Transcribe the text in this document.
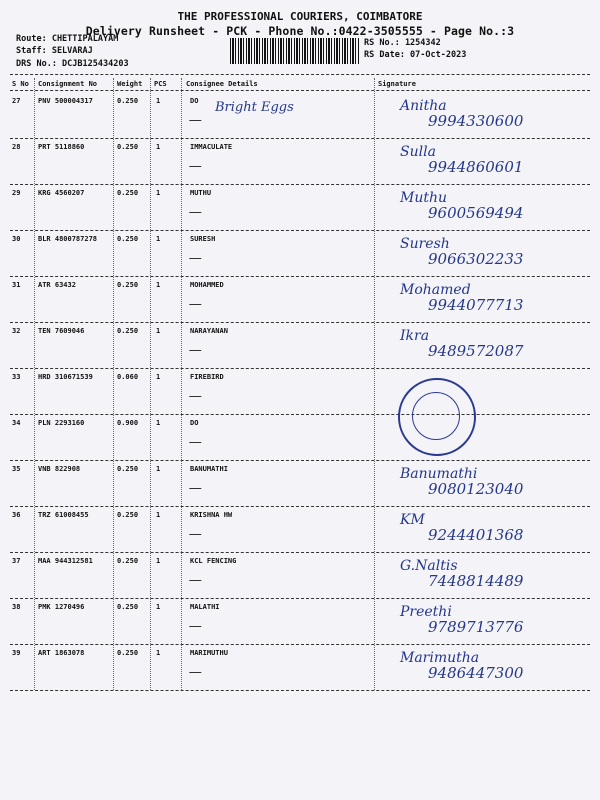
THE PROFESSIONAL COURIERS, COIMBATORE
Delivery Runsheet - PCK - Phone No.:0422-3505555 - Page No.:3
Route: CHETTIPALAYAM
Staff: SELVARAJ
DRS No.: DCJB125434203
RS No.: 1254342
RS Date: 07-Oct-2023
S No Consignment No	Weight PCS	Consignee Details	Signature
27	PNV 500004317	0.250	1	DO Bright Eggs	Anitha
9994330600
28	PRT 5118860	0.250	1	IMMACULATE	Sulla
9944860601
29	KRG 4560207	0.250	1	MUTHU	Muthu
9600569494
30	BLR 4800787278	0.250	1	SURESH	Suresh
9066302233
31	ATR 63432	0.250	1	MOHAMMED	Mohamed
9944077713
32	TEN 7609046	0.250	1	NARAYANAN	Ikra
9489572087
33	HRD 310671539	0.060	1	FIREBIRD
34	PLN 2293160	0.900	1	DO
35	VNB 822908	0.250	1	BANUMATHI	Banumathi
9080123040
36	TRZ 61008455	0.250	1	KRISHNA HW	KM
9244401368
37	MAA 944312581	0.250	1	KCL FENCING	G.Naltis
7448814489
38	PMK 1270496	0.250	1	MALATHI	Preethi
9789713776
39	ART 1863078	0.250	1	MARIMUTHU	Marimutha
9486447300
